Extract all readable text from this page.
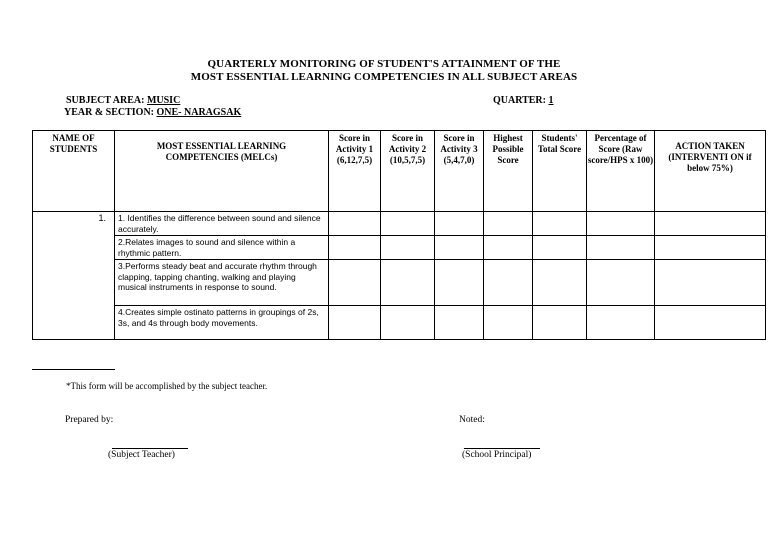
QUARTERLY MONITORING OF STUDENT'S ATTAINMENT OF THE
MOST ESSENTIAL LEARNING COMPETENCIES IN ALL SUBJECT AREAS
SUBJECT AREA: MUSIC
YEAR & SECTION: ONE- NARAGSAK
QUARTER: 1
NAME OF STUDENTS	MOST ESSENTIAL LEARNING COMPETENCIES (MELCs)	Score in Activity 1 (6,12,7,5)	Score in Activity 2 (10,5,7,5)	Score in Activity 3 (5,4,7,0)	Highest Possible Score	Students' Total Score	Percentage of Score (Raw score/HPS x 100)	ACTION TAKEN (INTERVENTI ON if below 75%)
1.	1. Identifies the difference between sound and silence accurately.							
	2.Relates images to sound and silence within a rhythmic pattern.							
	3.Performs steady beat and accurate rhythm through clapping, tapping chanting, walking and playing musical instruments in response to sound.							
	4.Creates simple ostinato patterns in groupings of 2s, 3s, and 4s through body movements.							
*This form will be accomplished by the subject teacher.
Prepared by:	Noted:
(Subject Teacher)	(School Principal)
